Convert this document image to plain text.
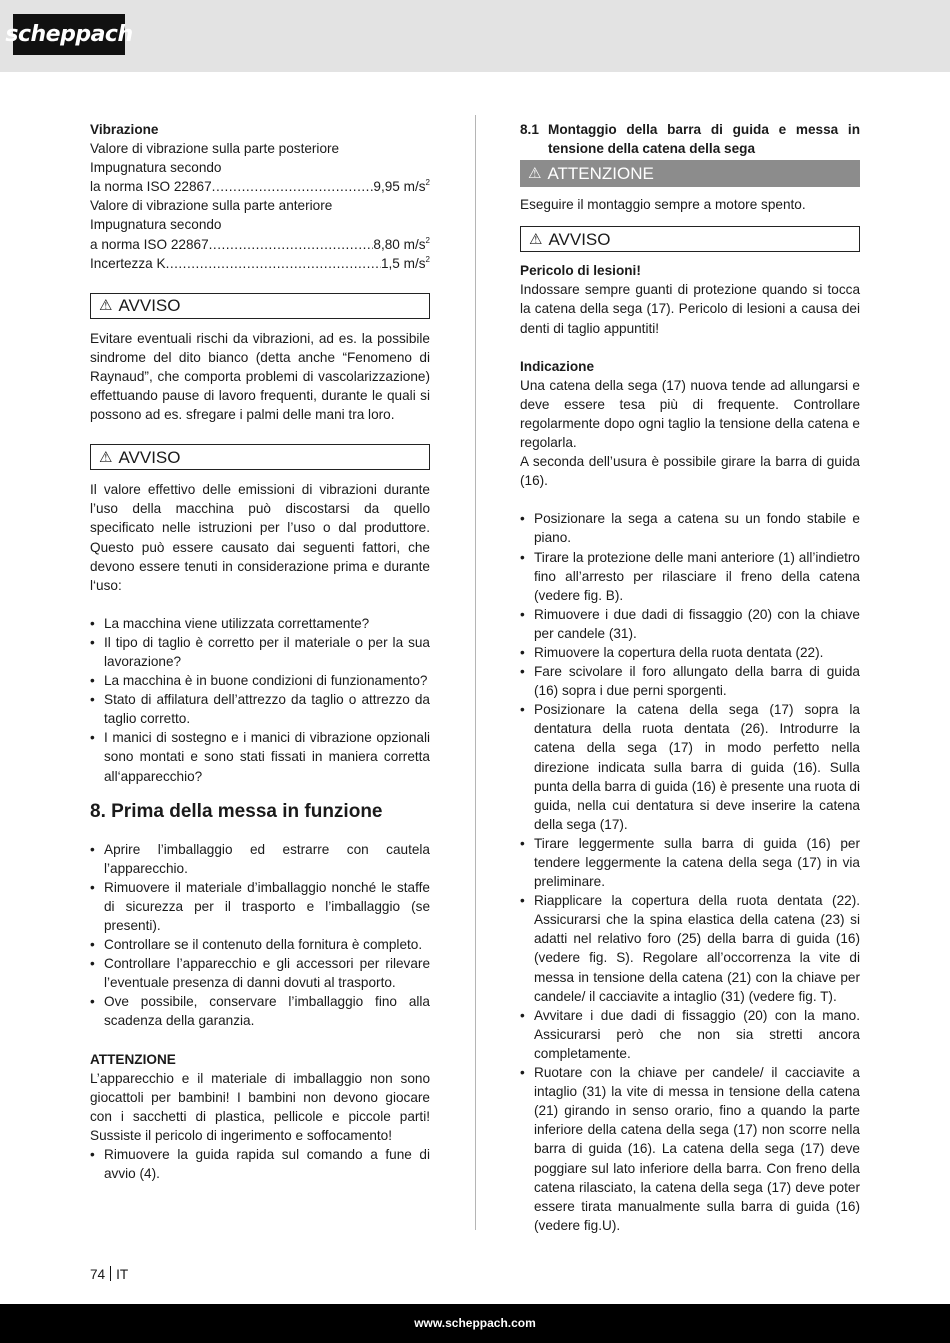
scheppach
Vibrazione
Valore di vibrazione sulla parte posteriore
Impugnatura secondo
la norma ISO 22867 .....	9,95 $m/s^2$
Valore di vibrazione sulla parte anteriore
Impugnatura secondo
a norma ISO 22867 .....	8,80 $m/s^2$
Incertezza K .....	1,5 $m/s^2$
⚠ AVVISO

Evitare eventuali rischi da vibrazioni, ad es. la possibile sindrome del dito bianco (detta anche “Fenomeno di Raynaud”, che comporta problemi di vascolarizzazione) effettuando pause di lavoro frequenti, durante le quali si possono ad es. sfregare i palmi delle mani tra loro.

⚠ AVVISO

Il valore effettivo delle emissioni di vibrazioni durante l’uso della macchina può discostarsi da quello specificato nelle istruzioni per l’uso o dal produttore. Questo può essere causato dai seguenti fattori, che devono essere tenuti in considerazione prima e durante l‘uso:

• La macchina viene utilizzata correttamente?
• Il tipo di taglio è corretto per il materiale o per la sua lavorazione?
• La macchina è in buone condizioni di funzionamento?
• Stato di affilatura dell’attrezzo da taglio o attrezzo da taglio corretto.
• I manici di sostegno e i manici di vibrazione opzionali sono montati e sono stati fissati in maniera corretta all‘apparecchio?
8. Prima della messa in funzione
• Aprire l’imballaggio ed estrarre con cautela l’apparecchio.
• Rimuovere il materiale d’imballaggio nonché le staffe di sicurezza per il trasporto e l’imballaggio (se presenti).
• Controllare se il contenuto della fornitura è completo.
• Controllare l’apparecchio e gli accessori per rilevare l’eventuale presenza di danni dovuti al trasporto.
• Ove possibile, conservare l’imballaggio fino alla scadenza della garanzia.
ATTENZIONE

L’apparecchio e il materiale di imballaggio non sono giocattoli per bambini! I bambini non devono giocare con i sacchetti di plastica, pellicole e piccole parti! Sussiste il pericolo di ingerimento e soffocamento!

• Rimuovere la guida rapida sul comando a fune di avvio (4).
8.1 Montaggio della barra di guida e messa in tensione della catena della sega
⚠ ATTENZIONE

Eseguire il montaggio sempre a motore spento.

⚠ AVVISO
Pericolo di lesioni!

Indossare sempre guanti di protezione quando si tocca la catena della sega (17). Pericolo di lesioni a causa dei denti di taglio appuntiti!

Indicazione

Una catena della sega (17) nuova tende ad allungarsi e deve essere tesa più di frequente. Controllare regolarmente dopo ogni taglio la tensione della catena e regolarla.

A seconda dell’usura è possibile girare la barra di guida (16).

• Posizionare la sega a catena su un fondo stabile e piano.
• Tirare la protezione delle mani anteriore (1) all’indietro fino all’arresto per rilasciare il freno della catena (vedere fig. B).
• Rimuovere i due dadi di fissaggio (20) con la chiave per candele (31).
• Rimuovere la copertura della ruota dentata (22).
• Fare scivolare il foro allungato della barra di guida (16) sopra i due perni sporgenti.
• Posizionare la catena della sega (17) sopra la dentatura della ruota dentata (26). Introdurre la catena della sega (17) in modo perfetto nella direzione indicata sulla barra di guida (16). Sulla punta della barra di guida (16) è presente una ruota di guida, nella cui dentatura si deve inserire la catena della sega (17).
• Tirare leggermente sulla barra di guida (16) per tendere leggermente la catena della sega (17) in via preliminare.
• Riapplicare la copertura della ruota dentata (22). Assicurarsi che la spina elastica della catena (23) si adatti nel relativo foro (25) della barra di guida (16) (vedere fig. S). Regolare all’occorrenza la vite di messa in tensione della catena (21) con la chiave per candele/ il cacciavite a intaglio (31) (vedere fig. T).
• Avvitare i due dadi di fissaggio (20) con la mano. Assicurarsi però che non sia stretti ancora completamente.
• Ruotare con la chiave per candele/ il cacciavite a intaglio (31) la vite di messa in tensione della catena (21) girando in senso orario, fino a quando la parte inferiore della catena della sega (17) non scorre nella barra di guida (16). La catena della sega (17) deve poggiare sul lato inferiore della barra. Con freno della catena rilasciato, la catena della sega (17) deve poter essere tirata manualmente sulla barra di guida (16) (vedere fig.U).
74 IT
www.scheppach.com
